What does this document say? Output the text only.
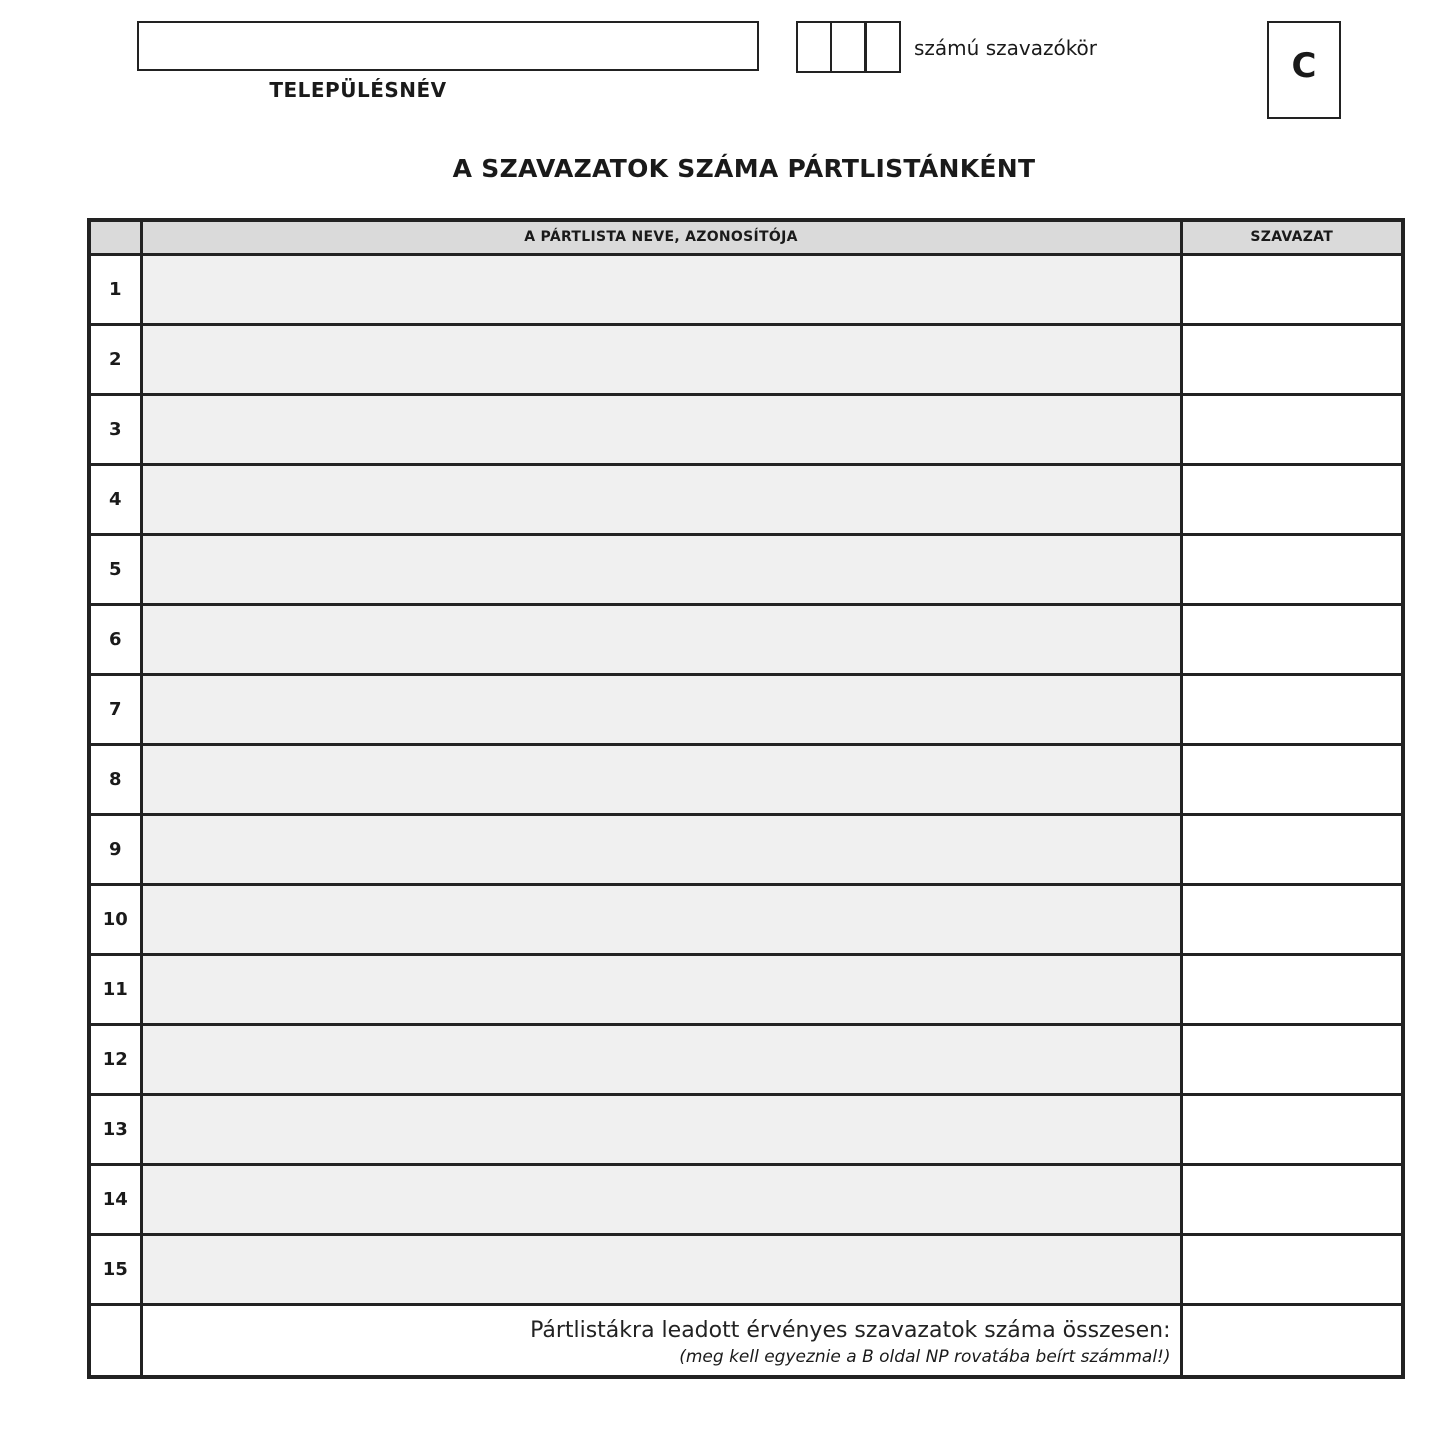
TELEPÜLÉSNÉV
számú szavazókör	C
A SZAVAZATOK SZÁMA PÁRTLISTÁNKÉNT
	A PÁRTLISTA NEVE, AZONOSÍTÓJA	SZAVAZAT
1		
2		
3		
4		
5		
6		
7		
8		
9		
10		
11		
12		
13		
14		
15		

	Pártlistákra leadott érvényes szavazatok száma összesen:
(meg kell egyeznie a B oldal NP rovatába beírt számmal!)	
